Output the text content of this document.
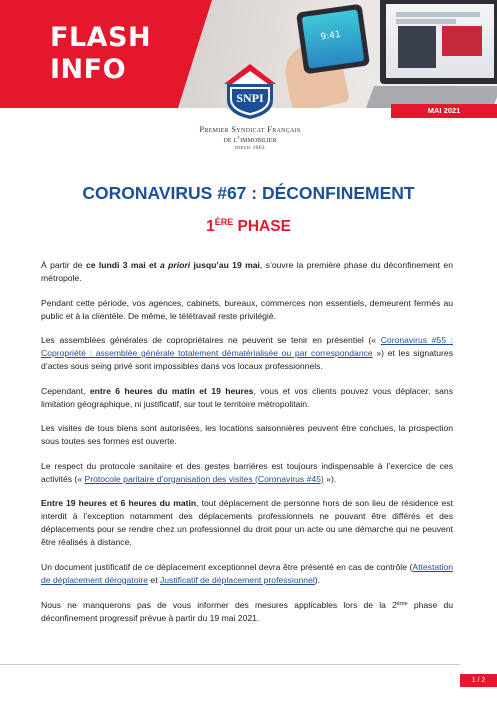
9:41
FLASH
INFO
MAI 2021
SNPI
Premier Syndicat Français
de l’immobilier
depuis 1963
CORONAVIRUS #67 : DÉCONFINEMENT
1ÈRE PHASE

À partir de ce lundi 3 mai et a priori jusqu’au 19 mai, s’ouvre la première phase du déconfinement en métropole.

Pendant cette période, vos agences, cabinets, bureaux, commerces non essentiels, demeurent fermés au public et à la clientèle. De même, le télétravail reste privilégié.

Les assemblées générales de copropriétaires ne peuvent se tenir en présentiel (« Coronavirus #55 : Copropriété : assemblée générale totalement dématérialisée ou par correspondance ») et les signatures d’actes sous seing privé sont impossibles dans vos locaux professionnels.

Cependant, entre 6 heures du matin et 19 heures, vous et vos clients pouvez vous déplacer, sans limitation géographique, ni justificatif, sur tout le territoire métropolitain.

Les visites de tous biens sont autorisées, les locations saisonnières peuvent être conclues, la prospection sous toutes ses formes est ouverte.

Le respect du protocole sanitaire et des gestes barrières est toujours indispensable à l’exercice de ces activités (« Protocole paritaire d’organisation des visites (Coronavirus #45) »).

Entre 19 heures et 6 heures du matin, tout déplacement de personne hors de son lieu de résidence est interdit à l’exception notamment des déplacements professionnels ne pouvant être différés et des déplacements pour se rendre chez un professionnel du droit pour un acte ou une démarche qui ne peuvent être réalisés à distance.

Un document justificatif de ce déplacement exceptionnel devra être présenté en cas de contrôle (Attestation de déplacement dérogatoire et Justificatif de déplacement professionnel).

Nous ne manquerons pas de vous informer des mesures applicables lors de la 2ème phase du déconfinement progressif prévue à partir du 19 mai 2021.

1 / 2
